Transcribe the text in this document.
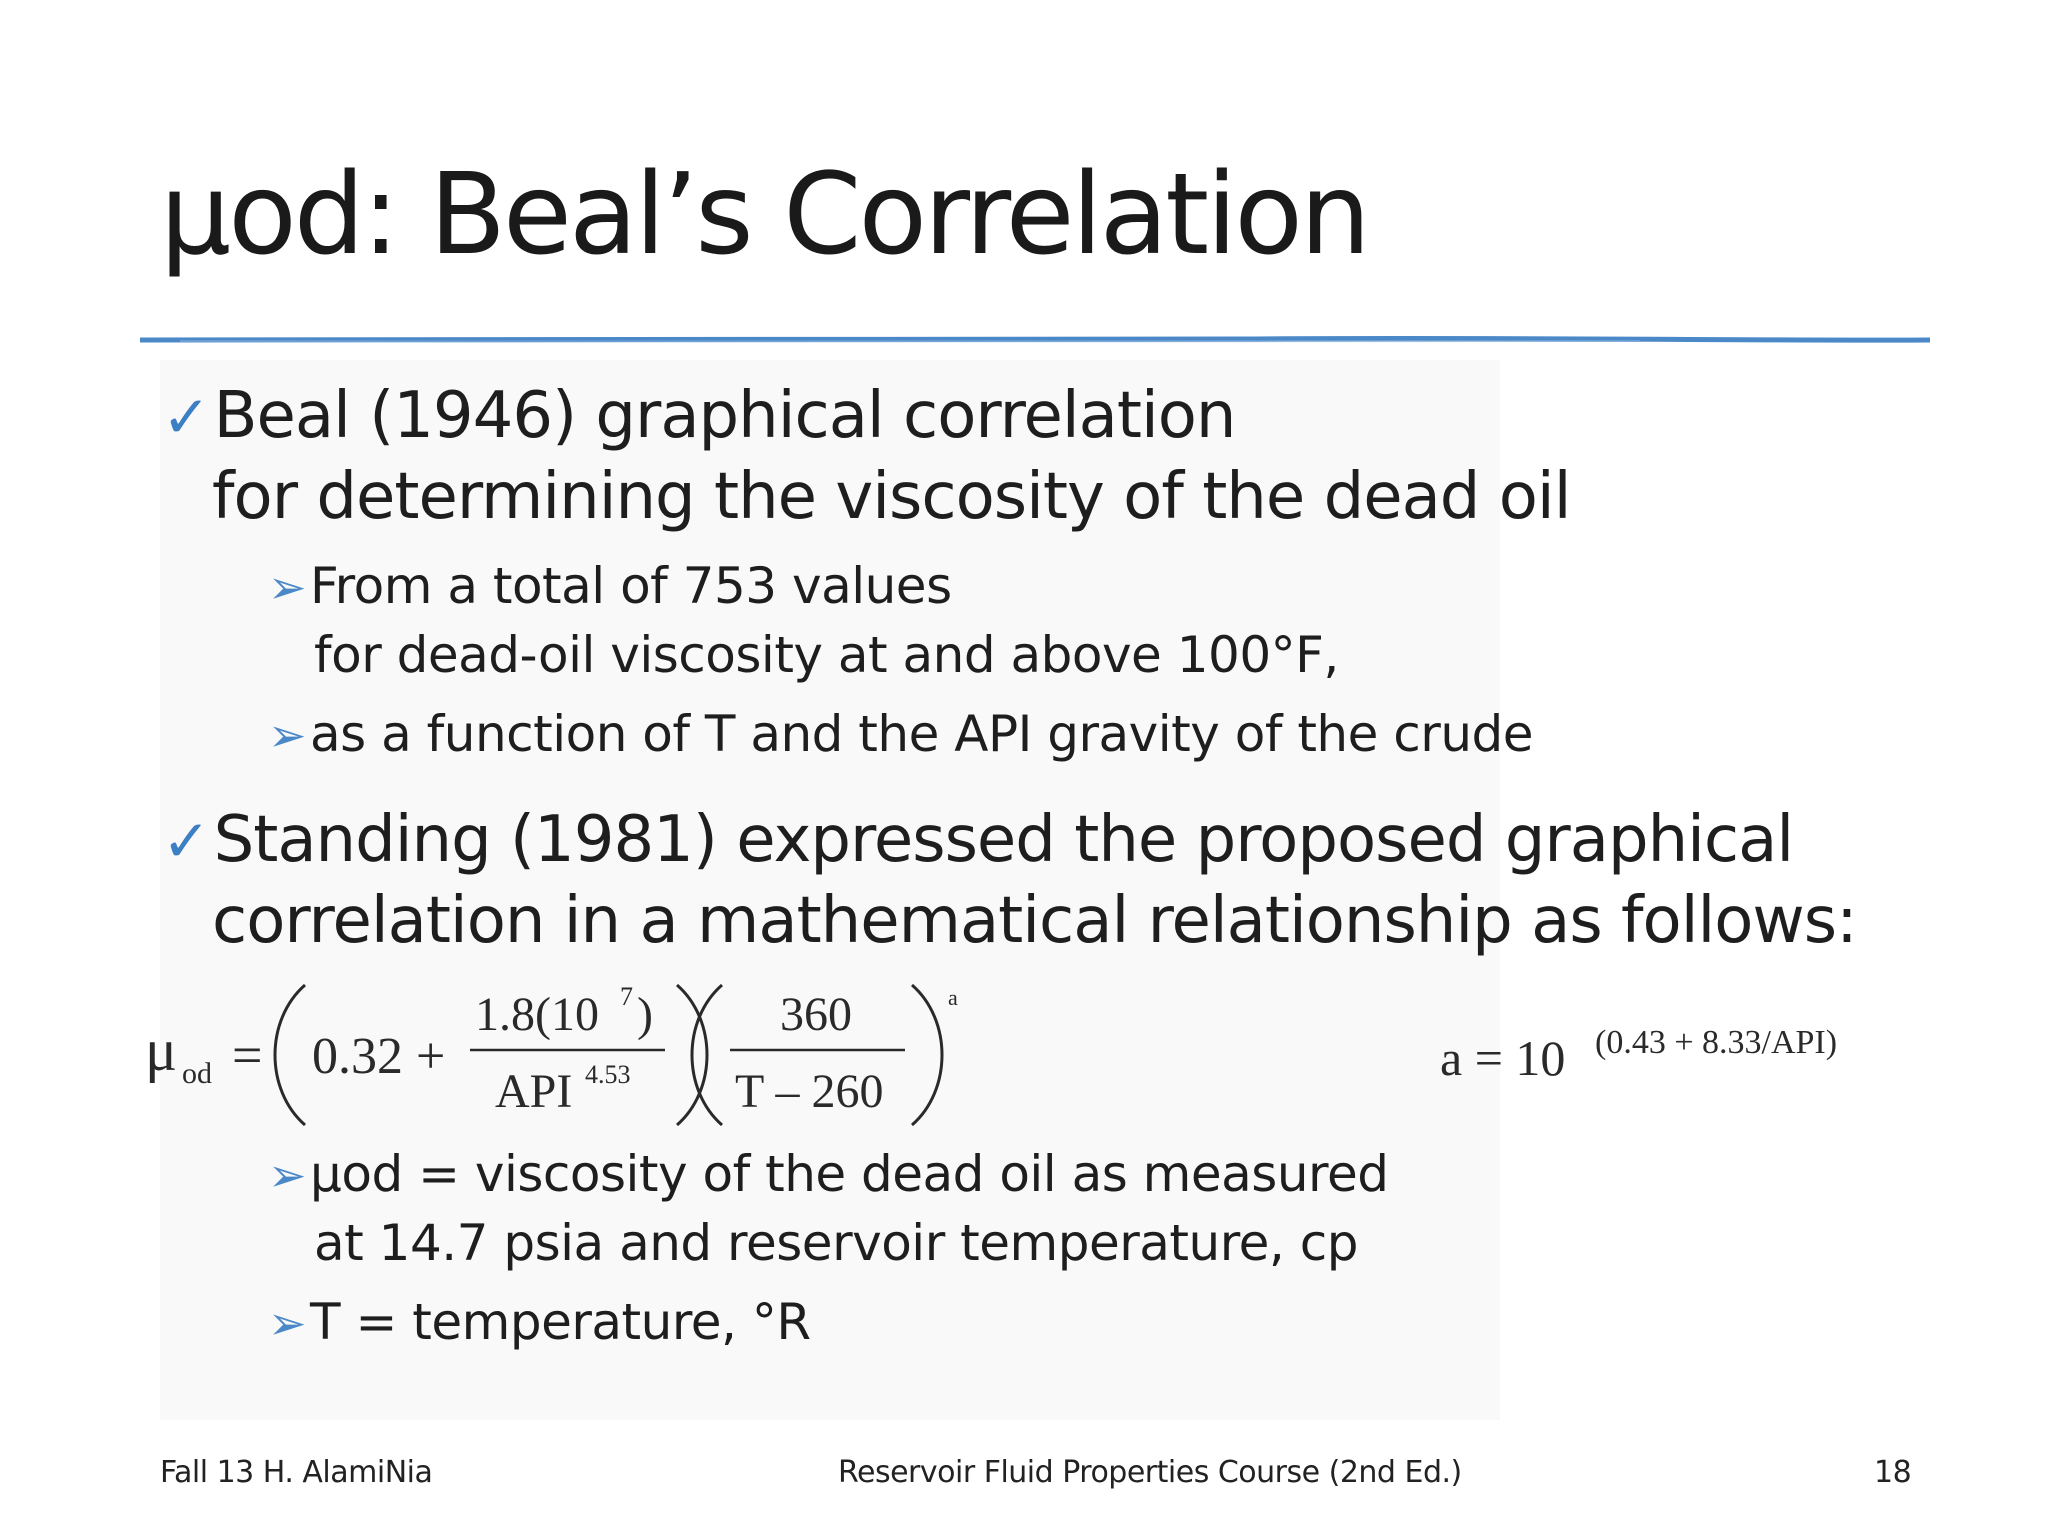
µod: Beal’s Correlation
✓Beal (1946) graphical correlation
for determining the viscosity of the dead oil
➢From a total of 753 values
for dead-oil viscosity at and above 100°F,
➢as a function of T and the API gravity of the crude
✓Standing (1981) expressed the proposed graphical
correlation in a mathematical relationship as follows:
μ od = 0.32 +
1.8(10 7 )
API 4.53
360
T – 260
a
a = 10 (0.43 + 8.33/API)
➢µod = viscosity of the dead oil as measured
at 14.7 psia and reservoir temperature, cp
➢T = temperature, °R
Fall 13 H. AlamiNia	Reservoir Fluid Properties Course (2nd Ed.)	18
